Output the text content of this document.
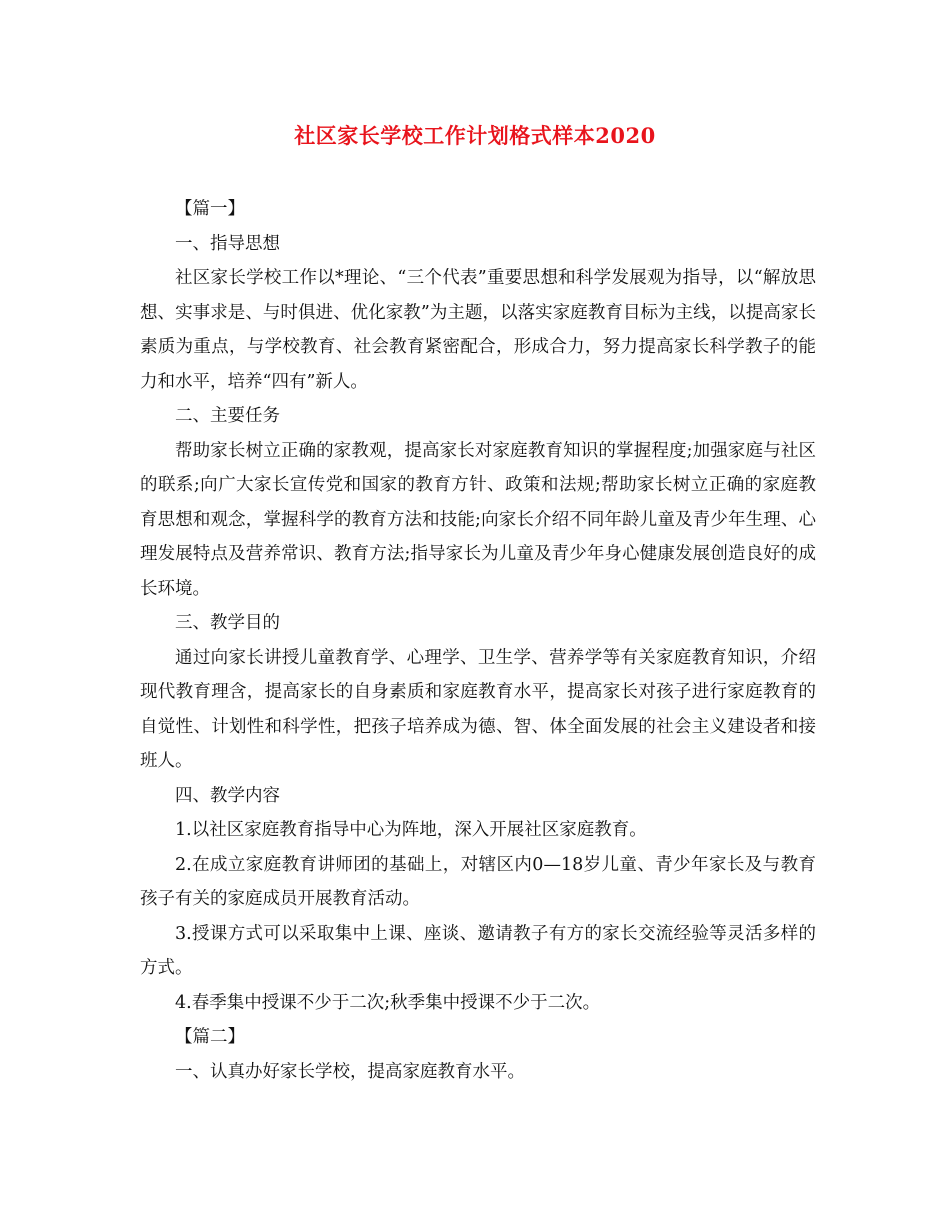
社区家长学校工作计划格式样本2020

【篇一】

一、指导思想

社区家长学校工作以*理论、“三个代表”重要思想和科学发展观为指导，以“解放思想、实事求是、与时俱进、优化家教”为主题，以落实家庭教育目标为主线，以提高家长素质为重点，与学校教育、社会教育紧密配合，形成合力，努力提高家长科学教子的能力和水平，培养“四有”新人。

二、主要任务

帮助家长树立正确的家教观，提高家长对家庭教育知识的掌握程度;加强家庭与社区的联系;向广大家长宣传党和国家的教育方针、政策和法规;帮助家长树立正确的家庭教育思想和观念，掌握科学的教育方法和技能;向家长介绍不同年龄儿童及青少年生理、心理发展特点及营养常识、教育方法;指导家长为儿童及青少年身心健康发展创造良好的成长环境。

三、教学目的

通过向家长讲授儿童教育学、心理学、卫生学、营养学等有关家庭教育知识，介绍现代教育理含，提高家长的自身素质和家庭教育水平，提高家长对孩子进行家庭教育的自觉性、计划性和科学性，把孩子培养成为德、智、体全面发展的社会主义建设者和接班人。

四、教学内容

1.以社区家庭教育指导中心为阵地，深入开展社区家庭教育。

2.在成立家庭教育讲师团的基础上，对辖区内0—18岁儿童、青少年家长及与教育孩子有关的家庭成员开展教育活动。

3.授课方式可以采取集中上课、座谈、邀请教子有方的家长交流经验等灵活多样的方式。

4.春季集中授课不少于二次;秋季集中授课不少于二次。

【篇二】

一、认真办好家长学校，提高家庭教育水平。
